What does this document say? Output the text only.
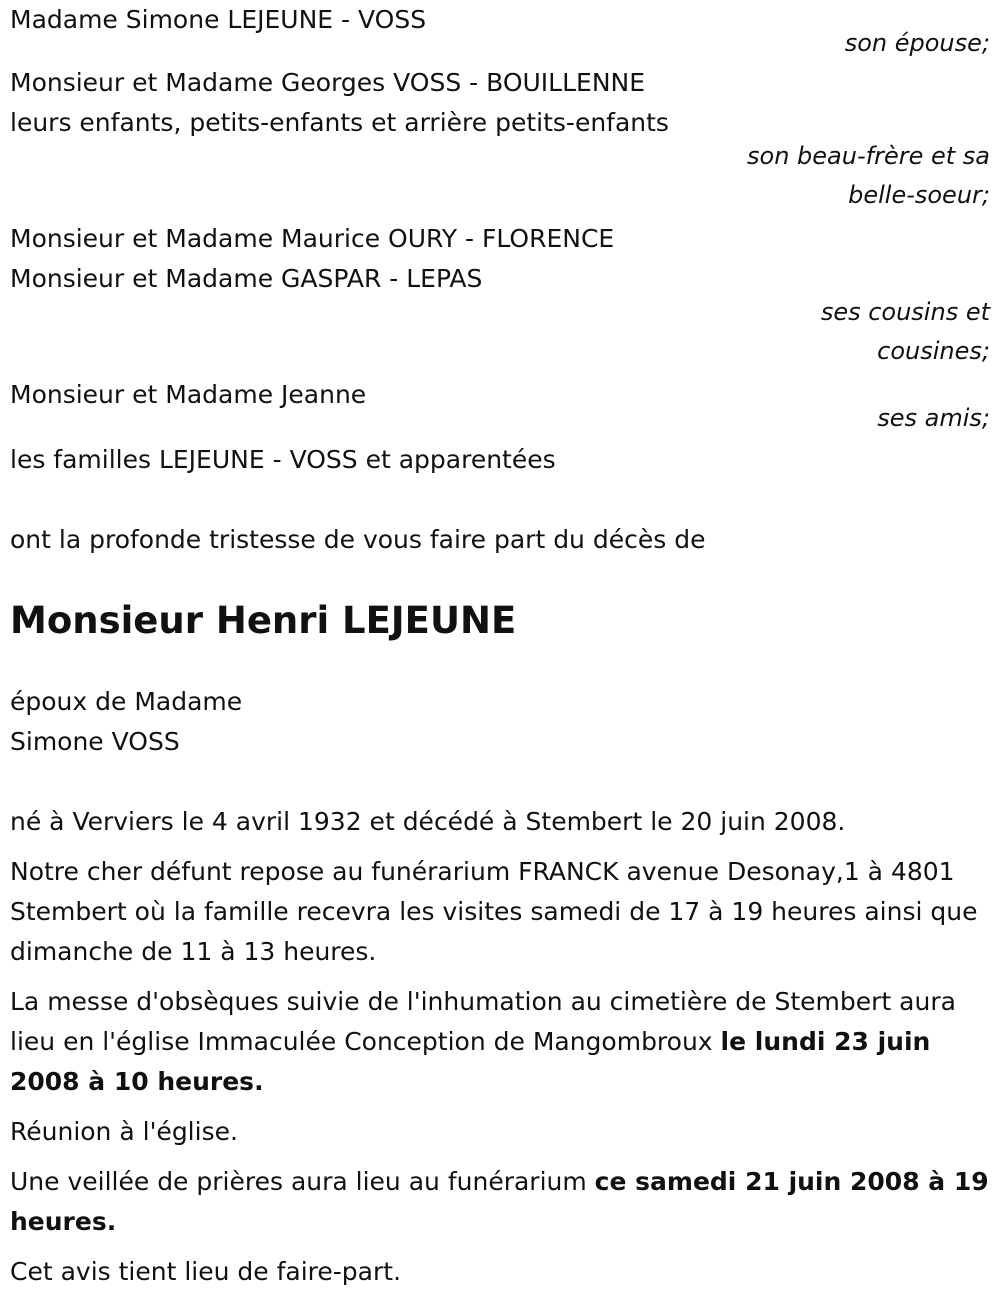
Madame Simone LEJEUNE - VOSS
son épouse;
Monsieur et Madame Georges VOSS - BOUILLENNE
leurs enfants, petits-enfants et arrière petits-enfants
son beau-frère et sa
belle-soeur;
Monsieur et Madame Maurice OURY - FLORENCE
Monsieur et Madame GASPAR - LEPAS
ses cousins et
cousines;
Monsieur et Madame Jeanne
ses amis;
les familles LEJEUNE - VOSS et apparentées
ont la profonde tristesse de vous faire part du décès de
Monsieur Henri LEJEUNE
époux de Madame
Simone VOSS
né à Verviers le 4 avril 1932 et décédé à Stembert le 20 juin 2008.
Notre cher défunt repose au funérarium FRANCK avenue Desonay,1 à 4801 Stembert où la famille recevra les visites samedi de 17 à 19 heures ainsi que dimanche de 11 à 13 heures.
La messe d'obsèques suivie de l'inhumation au cimetière de Stembert aura lieu en l'église Immaculée Conception de Mangombroux le lundi 23 juin 2008 à 10 heures.
Réunion à l'église.
Une veillée de prières aura lieu au funérarium ce samedi 21 juin 2008 à 19 heures.
Cet avis tient lieu de faire-part.
